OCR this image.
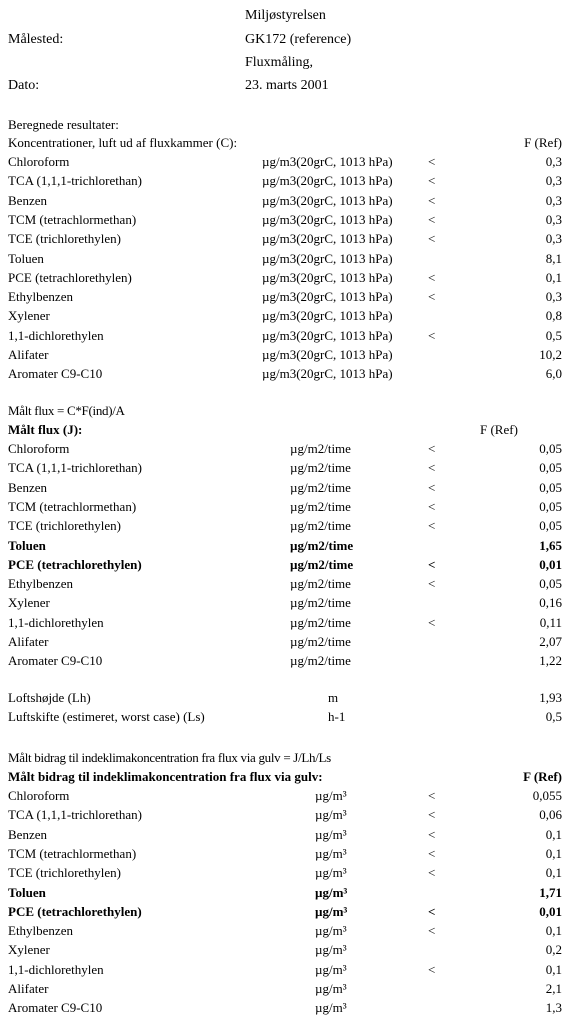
Miljøstyrelsen
Målested:	GK172 (reference)
Fluxmåling,
Dato:	23. marts 2001
Beregnede resultater:
Koncentrationer, luft ud af fluxkammer (C):	F (Ref)
Chloroform	µg/m3(20grC, 1013 hPa)	<	0,3
TCA (1,1,1-trichlorethan)	µg/m3(20grC, 1013 hPa)	<	0,3
Benzen	µg/m3(20grC, 1013 hPa)	<	0,3
TCM (tetrachlormethan)	µg/m3(20grC, 1013 hPa)	<	0,3
TCE (trichlorethylen)	µg/m3(20grC, 1013 hPa)	<	0,3
Toluen	µg/m3(20grC, 1013 hPa)	8,1
PCE (tetrachlorethylen)	µg/m3(20grC, 1013 hPa)	<	0,1
Ethylbenzen	µg/m3(20grC, 1013 hPa)	<	0,3
Xylener	µg/m3(20grC, 1013 hPa)	0,8
1,1-dichlorethylen	µg/m3(20grC, 1013 hPa)	<	0,5
Alifater	µg/m3(20grC, 1013 hPa)	10,2
Aromater C9-C10	µg/m3(20grC, 1013 hPa)	6,0
Målt flux = C*F(ind)/A
Målt flux (J):	F (Ref)
Chloroform	µg/m2/time	<	0,05
TCA (1,1,1-trichlorethan)	µg/m2/time	<	0,05
Benzen	µg/m2/time	<	0,05
TCM (tetrachlormethan)	µg/m2/time	<	0,05
TCE (trichlorethylen)	µg/m2/time	<	0,05
Toluen	µg/m2/time	1,65
PCE (tetrachlorethylen)	µg/m2/time	<	0,01
Ethylbenzen	µg/m2/time	<	0,05
Xylener	µg/m2/time	0,16
1,1-dichlorethylen	µg/m2/time	<	0,11
Alifater	µg/m2/time	2,07
Aromater C9-C10	µg/m2/time	1,22
Loftshøjde (Lh)	m	1,93
Luftskifte (estimeret, worst case) (Ls)	h-1	0,5
Målt bidrag til indeklimakoncentration fra flux via gulv = J/Lh/Ls
Målt bidrag til indeklimakoncentration fra flux via gulv:	F (Ref)
Chloroform	µg/m³	<	0,055
TCA (1,1,1-trichlorethan)	µg/m³	<	0,06
Benzen	µg/m³	<	0,1
TCM (tetrachlormethan)	µg/m³	<	0,1
TCE (trichlorethylen)	µg/m³	<	0,1
Toluen	µg/m³	1,71
PCE (tetrachlorethylen)	µg/m³	<	0,01
Ethylbenzen	µg/m³	<	0,1
Xylener	µg/m³	0,2
1,1-dichlorethylen	µg/m³	<	0,1
Alifater	µg/m³	2,1
Aromater C9-C10	µg/m³	1,3
